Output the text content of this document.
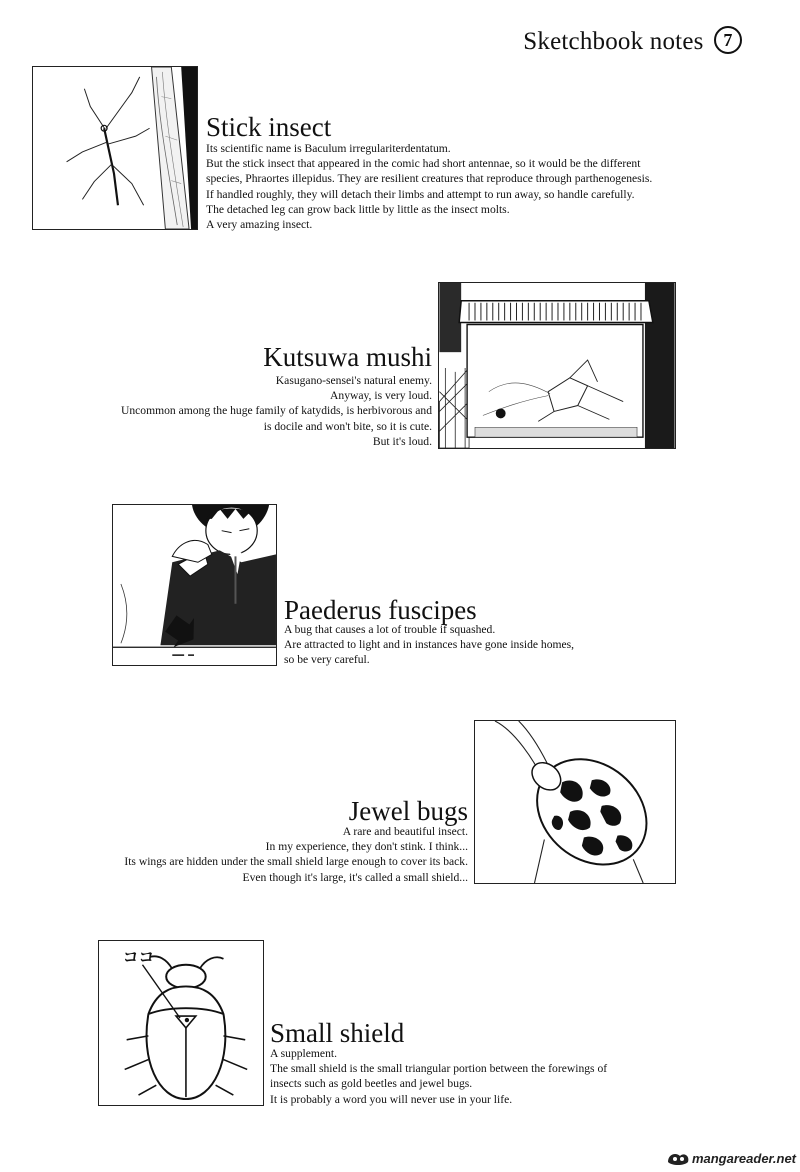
Sketchbook notes 7
Stick insect
Its scientific name is Baculum irregulariterdentatum.
But the stick insect that appeared in the comic had short antennae, so it would be the different
species, Phraortes illepidus. They are resilient creatures that reproduce through parthenogenesis.
If handled roughly, they will detach their limbs and attempt to run away, so handle carefully.
The detached leg can grow back little by little as the insect molts.
A very amazing insect.
Kutsuwa mushi
Kasugano-sensei's natural enemy.
Anyway, is very loud.
Uncommon among the huge family of katydids, is herbivorous and
is docile and won't bite, so it is cute.
But it's loud.
Paederus fuscipes
A bug that causes a lot of trouble if squashed.
Are attracted to light and in instances have gone inside homes,
so be very careful.
Jewel bugs
A rare and beautiful insect.
In my experience, they don't stink. I think...
Its wings are hidden under the small shield large enough to cover its back.
Even though it's large, it's called a small shield...
ココ
Small shield
A supplement.
The small shield is the small triangular portion between the forewings of
insects such as gold beetles and jewel bugs.
It is probably a word you will never use in your life.
mangareader.net
